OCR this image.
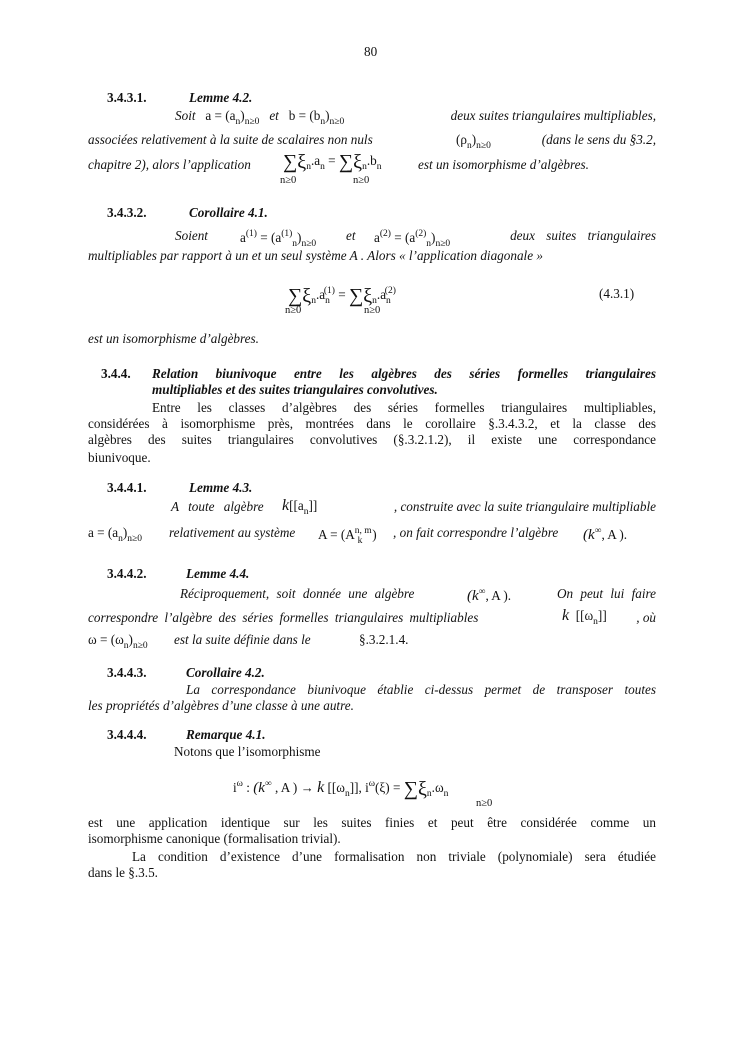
80
3.4.3.1.	Lemme 4.2.
Soit $a = (a_n)_{n\ge 0}$ et $b = (b_n)_{n\ge 0}$	deux suites triangulaires multipliables,
associées relativement à la suite de scalaires non nuls	$(\rho_n)_{n\ge 0}$	(dans le sens du §3.2,
chapitre 2), alors l’application $\sum\xi_n.a_n = \sum\xi_n.b_n$
n≥0	n≥0
est un isomorphisme d’algèbres.
3.4.3.2.	Corollaire 4.1.
Soient $a^{(1)} = (a^{(1)}_n)_{n\ge 0}$
et $a^{(2)} = (a^{(2)}_n)_{n\ge 0}$
deux suites triangulaires
multipliables par rapport à un et un seul système A . Alors « l’application diagonale »
$\sum\xi_n.a_n^{(1)} = \sum\xi_n.a_n^{(2)}$
n≥0	n≥0
(4.3.1)
est un isomorphisme d’algèbres.
3.4.4. Relation biunivoque entre les algèbres des séries formelles triangulaires
multipliables et des suites triangulaires convolutives.
Entre les classes d’algèbres des séries formelles triangulaires multipliables,
considérées à isomorphisme près, montrées dans le corollaire §.3.4.3.2, et la classe des
algèbres des suites triangulaires convolutives (§.3.2.1.2), il existe une correspondance
biunivoque.
3.4.4.1.	Lemme 4.3.
A toute algèbre $k[[a_n]]$	, construite avec la suite triangulaire multipliable
$a = (a_n)_{n\ge 0}$ relativement au système $A = (A^{n, m}_k$ ) , on fait correspondre l’algèbre (k∞, A ).
3.4.4.2.	Lemme 4.4.
Réciproquement, soit donnée une algèbre	(k∞, A ).	On peut lui faire
correspondre l’algèbre des séries formelles triangulaires multipliables	k $[[\omega_n]]$	, où
$\omega = (\omega_n)_{n\ge 0}$ est la suite définie dans le	§.3.2.1.4.
3.4.4.3.	Corollaire 4.2.
La correspondance biunivoque établie ci-dessus permet de transposer toutes
les propriétés d’algèbres d’une classe à une autre.
3.4.4.4.	Remarque 4.1.
Notons que l’isomorphisme
$i^\omega$ : (k∞ , A ) → k $[[\omega_n]]$, $i^\omega(\xi) = \sum\xi_n.\omega_n$
n≥0
est une application identique sur les suites finies et peut être considérée comme un
isomorphisme canonique (formalisation trivial).
La condition d’existence d’une formalisation non triviale (polynomiale) sera étudiée
dans le §.3.5.
